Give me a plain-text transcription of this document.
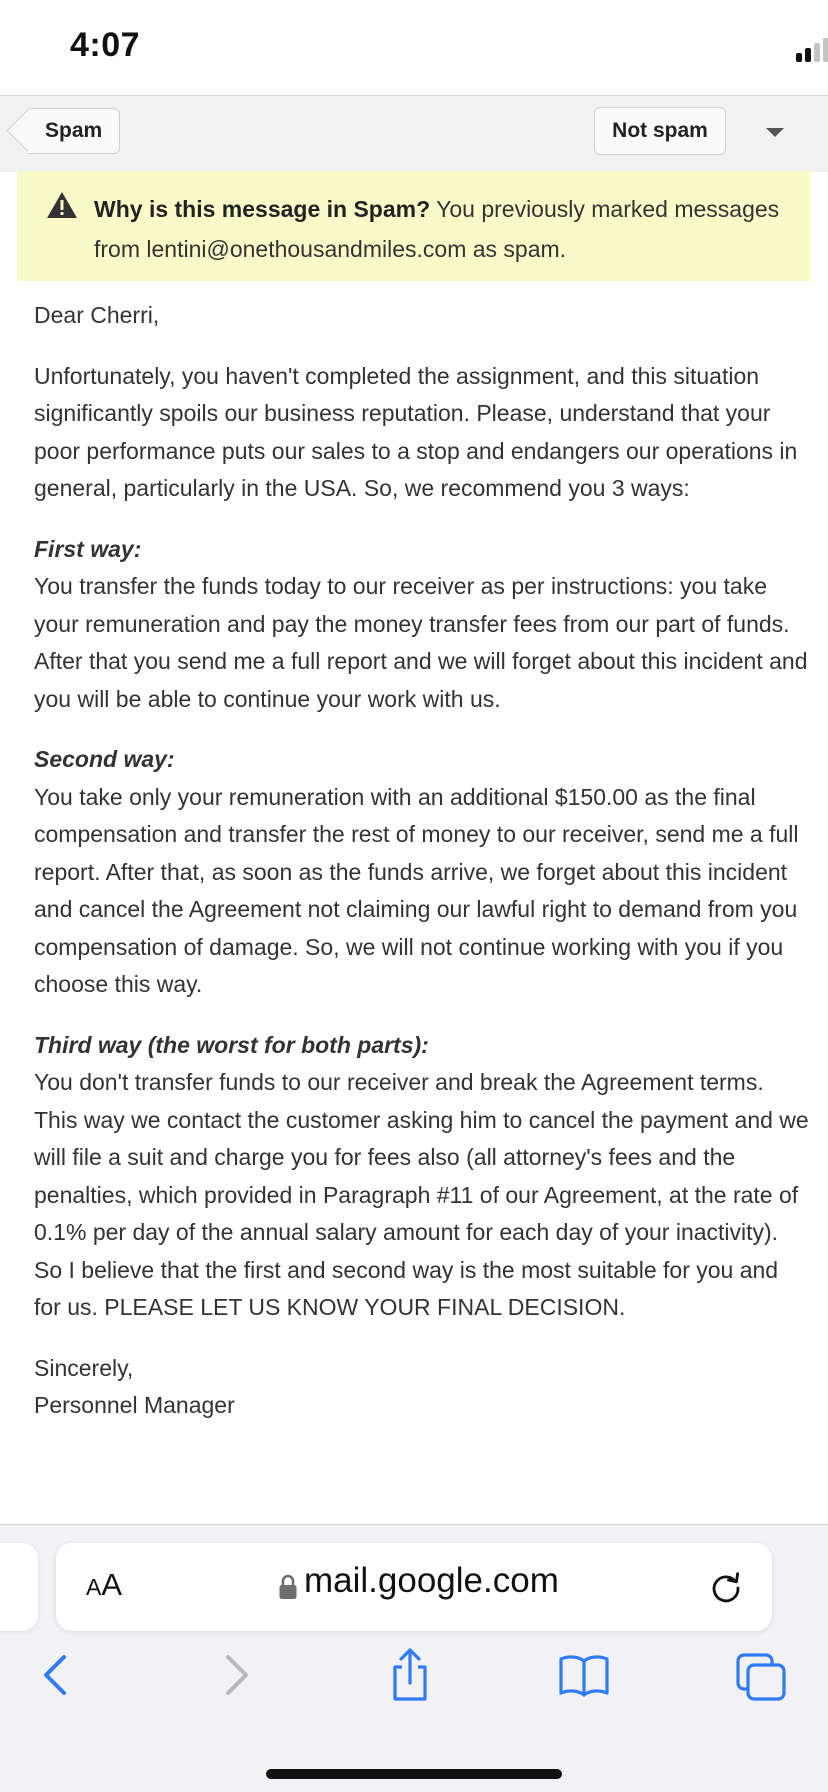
4:07
Spam	Not spam
Why is this message in Spam? You previously marked messages from lentini@onethousandmiles.com as spam.

Dear Cherri,

Unfortunately, you haven't completed the assignment, and this situation significantly spoils our business reputation. Please, understand that your poor performance puts our sales to a stop and endangers our operations in general, particularly in the USA. So, we recommend you 3 ways:

First way:
You transfer the funds today to our receiver as per instructions: you take your remuneration and pay the money transfer fees from our part of funds. After that you send me a full report and we will forget about this incident and you will be able to continue your work with us.

Second way:
You take only your remuneration with an additional $150.00 as the final compensation and transfer the rest of money to our receiver, send me a full report. After that, as soon as the funds arrive, we forget about this incident and cancel the Agreement not claiming our lawful right to demand from you compensation of damage. So, we will not continue working with you if you choose this way.

Third way (the worst for both parts):
You don't transfer funds to our receiver and break the Agreement terms. This way we contact the customer asking him to cancel the payment and we will file a suit and charge you for fees also (all attorney's fees and the penalties, which provided in Paragraph #11 of our Agreement, at the rate of 0.1% per day of the annual salary amount for each day of your inactivity). So I believe that the first and second way is the most suitable for you and for us. PLEASE LET US KNOW YOUR FINAL DECISION.

Sincerely,
Personnel Manager

AA	mail.google.com
